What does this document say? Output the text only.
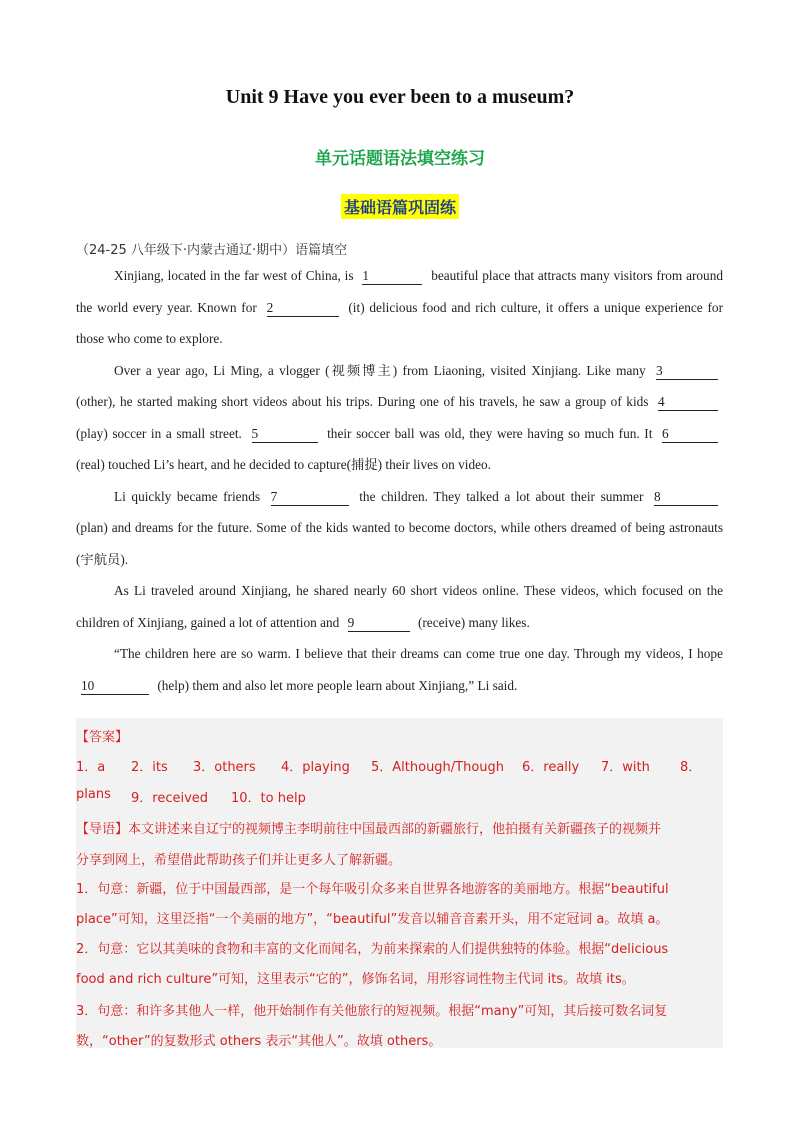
Unit 9 Have you ever been to a museum?
单元话题语法填空练习
基础语篇巩固练
（24-25 八年级下·内蒙古通辽·期中）语篇填空

Xinjiang, located in the far west of China, is 1	beautiful place that attracts many visitors from around the world every year. Known for 2	(it) delicious food and rich culture, it offers a unique experience for those who come to explore.

Over a year ago, Li Ming, a vlogger (视频博主) from Liaoning, visited Xinjiang. Like many 3 (other), he started making short videos about his trips. During one of his travels, he saw a group of kids 4 (play) soccer in a small street. 5	their soccer ball was old, they were having so much fun. It 6 (real) touched Li’s heart, and he decided to capture(捕捉) their lives on video.

Li quickly became friends 7	the children. They talked a lot about their summer 8 (plan) and dreams for the future. Some of the kids wanted to become doctors, while others dreamed of being astronauts (宇航员).

As Li traveled around Xinjiang, he shared nearly 60 short videos online. These videos, which focused on the children of Xinjiang, gained a lot of attention and 9	(receive) many likes.

“The children here are so warm. I believe that their dreams can come true one day. Through my videos, I hope 10	(help) them and also let more people learn about Xinjiang,” Li said.

【答案】
1．a 2．its 3．others 4．playing 5．Although/Though 6．really 7．with 8．
plans 9．received 10．to help
【导语】本文讲述来自辽宁的视频博主李明前往中国最西部的新疆旅行，他拍摄有关新疆孩子的视频并
分享到网上，希望借此帮助孩子们并让更多人了解新疆。
1．句意：新疆，位于中国最西部，是一个每年吸引众多来自世界各地游客的美丽地方。根据“beautiful
place”可知，这里泛指“一个美丽的地方”，“beautiful”发音以辅音音素开头，用不定冠词 a。故填 a。
2．句意：它以其美味的食物和丰富的文化而闻名，为前来探索的人们提供独特的体验。根据“delicious
food and rich culture”可知，这里表示“它的”，修饰名词，用形容词性物主代词 its。故填 its。
3．句意：和许多其他人一样，他开始制作有关他旅行的短视频。根据“many”可知，其后接可数名词复
数，“other”的复数形式 others 表示“其他人”。故填 others。
